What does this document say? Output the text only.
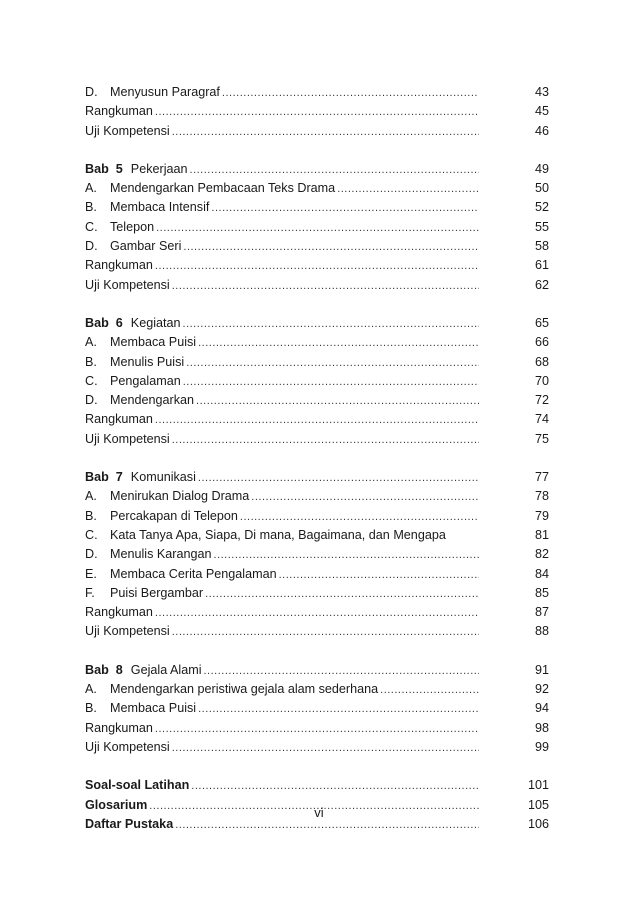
D. Menyusun Paragraf .....	43
Rangkuman .....	45
Uji Kompetensi .....	46
Bab  5 Pekerjaan .....	49
A. Mendengarkan Pembacaan Teks Drama .....	50
B. Membaca Intensif .....	52
C. Telepon .....	55
D. Gambar Seri .....	58
Rangkuman .....	61
Uji Kompetensi .....	62
Bab  6 Kegiatan .....	65
A. Membaca Puisi .....	66
B. Menulis Puisi .....	68
C. Pengalaman .....	70
D. Mendengarkan .....	72
Rangkuman .....	74
Uji Kompetensi .....	75
Bab  7 Komunikasi .....	77
A. Menirukan Dialog Drama .....	78
B. Percakapan di Telepon .....	79
C. Kata Tanya Apa, Siapa, Di mana, Bagaimana, dan Mengapa	81
D. Menulis Karangan .....	82
E. Membaca Cerita Pengalaman .....	84
F. Puisi Bergambar .....	85
Rangkuman .....	87
Uji Kompetensi .....	88
Bab  8 Gejala Alami .....	91
A. Mendengarkan peristiwa gejala alam sederhana .....	92
B. Membaca Puisi .....	94
Rangkuman .....	98
Uji Kompetensi .....	99
Soal-soal Latihan .....	101
Glosarium .....	105
Daftar Pustaka .....	106
vi
